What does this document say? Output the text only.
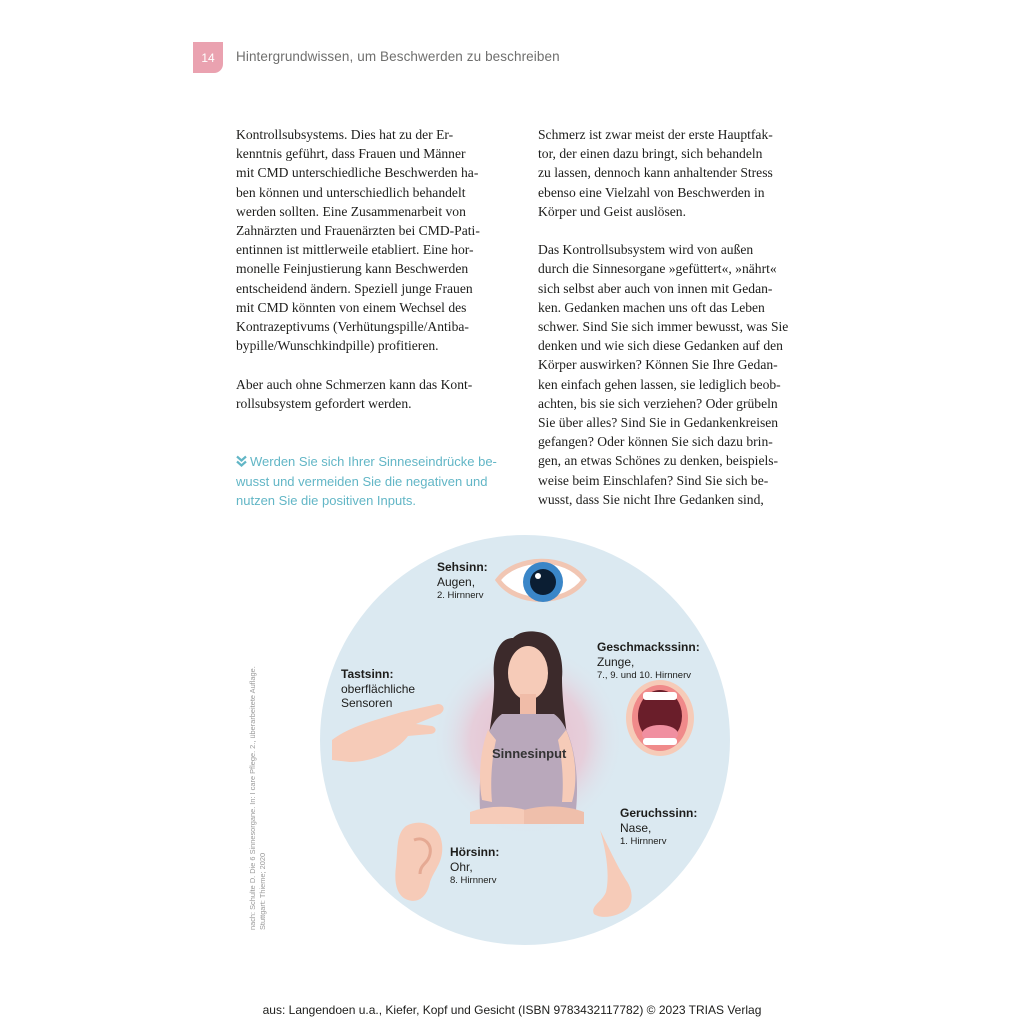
14	Hintergrundwissen, um Beschwerden zu beschreiben

Kontrollsubsystems. Dies hat zu der Er-
kenntnis geführt, dass Frauen und Männer
mit CMD unterschiedliche Beschwerden ha-
ben können und unterschiedlich behandelt
werden sollten. Eine Zusammenarbeit von
Zahnärzten und Frauenärzten bei CMD-Pati-
entinnen ist mittlerweile etabliert. Eine hor-
monelle Feinjustierung kann Beschwerden
entscheidend ändern. Speziell junge Frauen
mit CMD könnten von einem Wechsel des
Kontrazeptivums (Verhütungspille/Antiba-
bypille/Wunschkindpille) profitieren.

Aber auch ohne Schmerzen kann das Kont-
rollsubsystem gefordert werden.

Werden Sie sich Ihrer Sinneseindrücke be-
wusst und vermeiden Sie die negativen und
nutzen Sie die positiven Inputs.

Schmerz ist zwar meist der erste Hauptfak-
tor, der einen dazu bringt, sich behandeln
zu lassen, dennoch kann anhaltender Stress
ebenso eine Vielzahl von Beschwerden in
Körper und Geist auslösen.

Das Kontrollsubsystem wird von außen
durch die Sinnesorgane »gefüttert«, »nährt«
sich selbst aber auch von innen mit Gedan-
ken. Gedanken machen uns oft das Leben
schwer. Sind Sie sich immer bewusst, was Sie
denken und wie sich diese Gedanken auf den
Körper auswirken? Können Sie Ihre Gedan-
ken einfach gehen lassen, sie lediglich beob-
achten, bis sie sich verziehen? Oder grübeln
Sie über alles? Sind Sie in Gedankenkreisen
gefangen? Oder können Sie sich dazu brin-
gen, an etwas Schönes zu denken, beispiels-
weise beim Einschlafen? Sind Sie sich be-
wusst, dass Sie nicht Ihre Gedanken sind,

nach: Schulte D. Die 6 Sinnesorgane. In: I care Pflege. 2., überarbeitete Auflage.
Stuttgart: Thieme; 2020
Sinnesinput
Sehsinn:
Augen,
2. Hirnnerv
Geschmackssinn:
Zunge,
7., 9. und 10. Hirnnerv
Tastsinn:
oberflächliche
Sensoren
Geruchssinn:
Nase,
1. Hirnnerv
Hörsinn:
Ohr,
8. Hirnnerv
aus: Langendoen u.a., Kiefer, Kopf und Gesicht (ISBN 9783432117782) © 2023 TRIAS Verlag
